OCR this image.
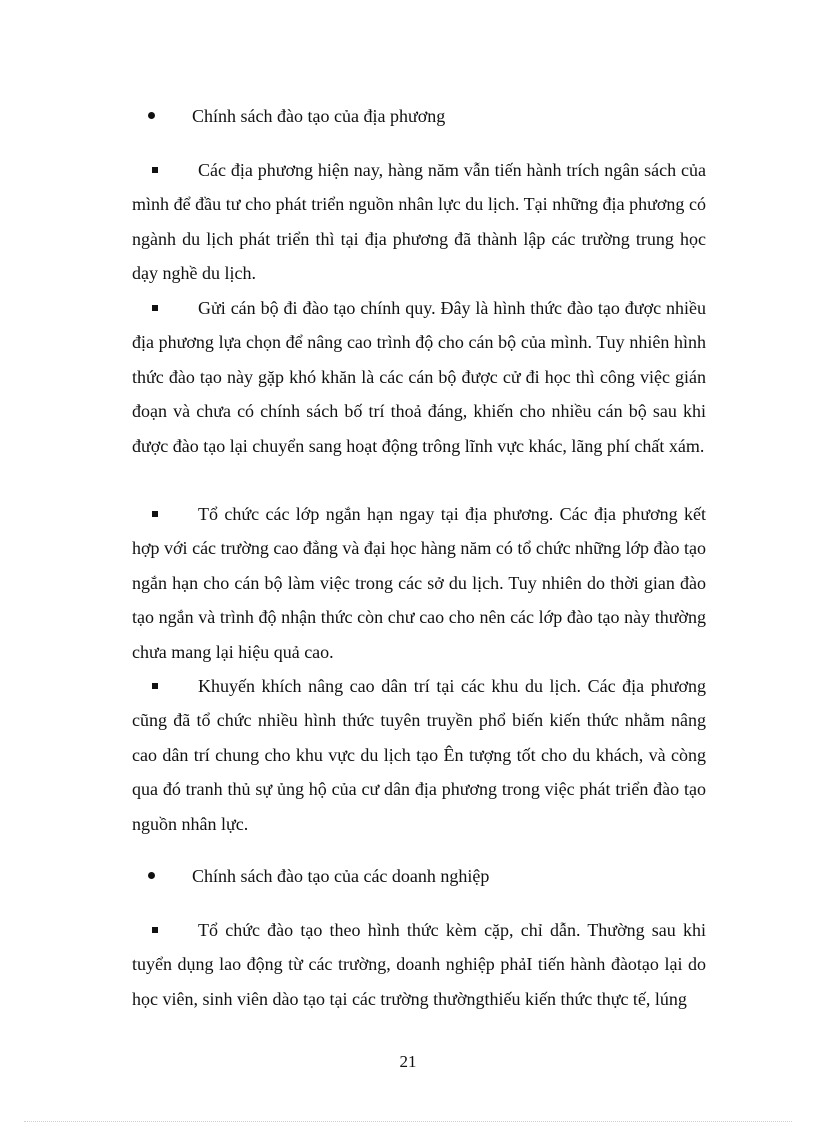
Chính sách đào tạo của địa phương
Các địa phương hiện nay, hàng năm vẫn tiến hành trích ngân sách của mình để đầu tư cho phát triển nguồn nhân lực du lịch. Tại những địa phương có ngành du lịch phát triển thì tại địa phương đã thành lập các trường trung học dạy nghề du lịch.
Gửi cán bộ đi đào tạo chính quy. Đây là hình thức đào tạo được nhiều địa phương lựa chọn để nâng cao trình độ cho cán bộ của mình. Tuy nhiên hình thức đào tạo này gặp khó khăn là các cán bộ được cử đi học thì công việc gián đoạn và chưa có chính sách bố trí thoả đáng, khiến cho nhiều cán bộ sau khi được đào tạo lại chuyển sang hoạt động trông lĩnh vực khác, lãng phí chất xám.
Tổ chức các lớp ngắn hạn ngay tại địa phương. Các địa phương kết hợp với các trường cao đẳng và đại học hàng năm có tổ chức những lớp đào tạo ngắn hạn cho cán bộ làm việc trong các sở du lịch. Tuy nhiên do thời gian đào tạo ngắn và trình độ nhận thức còn chư cao cho nên các lớp đào tạo này thường chưa mang lại hiệu quả cao.
Khuyến khích nâng cao dân trí tại các khu du lịch. Các địa phương cũng đã tổ chức nhiều hình thức tuyên truyền phổ biến kiến thức nhằm nâng cao dân trí chung cho khu vực du lịch tạo Ên tượng tốt cho du khách, và còng qua đó tranh thủ sự ủng hộ của cư dân địa phương trong việc phát triển đào tạo nguồn nhân lực.
Chính sách đào tạo của các doanh nghiệp
Tổ chức đào tạo theo hình thức kèm cặp, chỉ dẫn. Thường sau khi tuyển dụng lao động từ các trường, doanh nghiệp phảI tiến hành đàotạo lại do học viên, sinh viên dào tạo tại các trường thườngthiếu kiến thức thực tế, lúng
21
